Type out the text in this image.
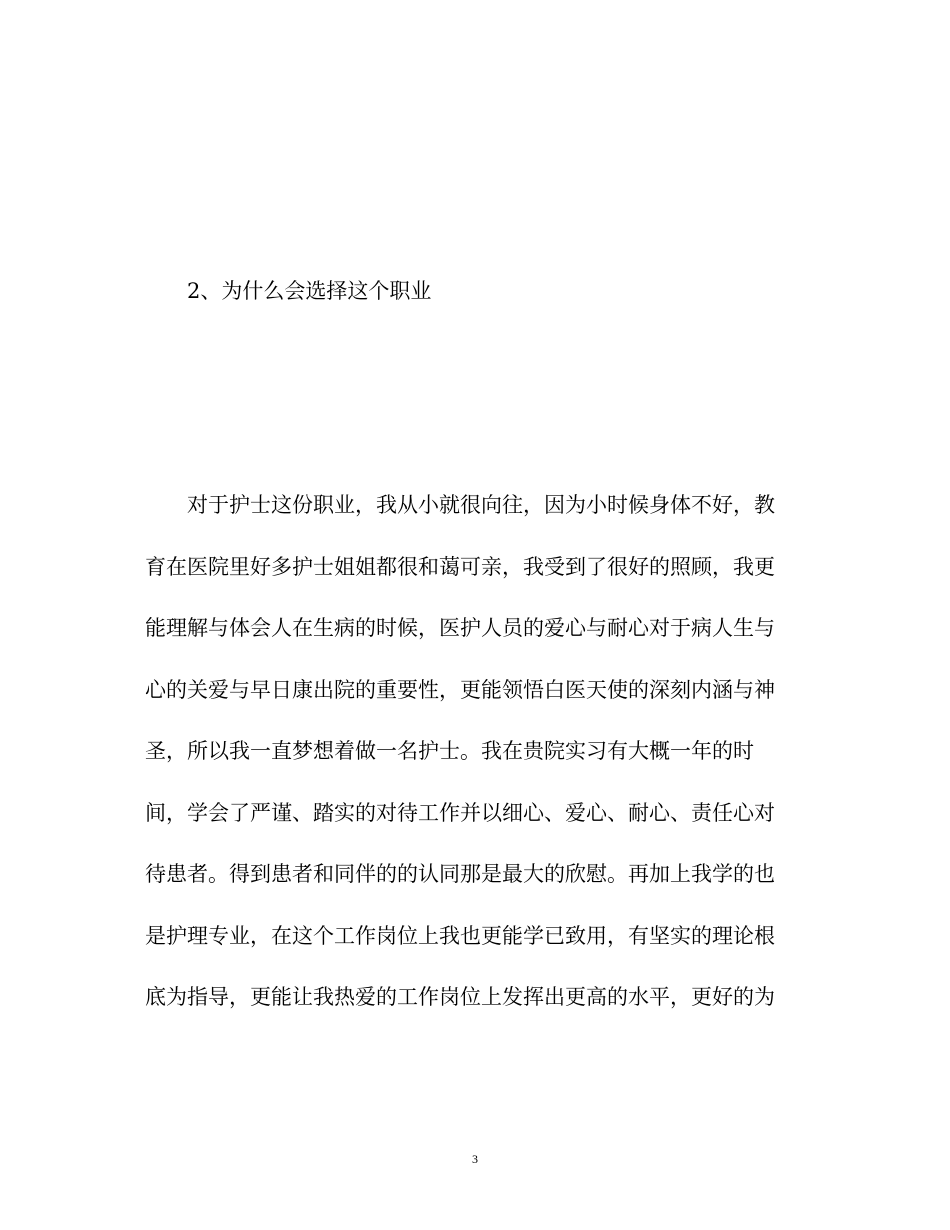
2、为什么会选择这个职业
对于护士这份职业，我从小就很向往，因为小时候身体不好，教
育在医院里好多护士姐姐都很和蔼可亲，我受到了很好的照顾，我更
能理解与体会人在生病的时候，医护人员的爱心与耐心对于病人生与
心的关爱与早日康出院的重要性，更能领悟白医天使的深刻内涵与神
圣，所以我一直梦想着做一名护士。我在贵院实习有大概一年的时
间，学会了严谨、踏实的对待工作并以细心、爱心、耐心、责任心对
待患者。得到患者和同伴的的认同那是最大的欣慰。再加上我学的也
是护理专业，在这个工作岗位上我也更能学已致用，有坚实的理论根
底为指导，更能让我热爱的工作岗位上发挥出更高的水平，更好的为
3
